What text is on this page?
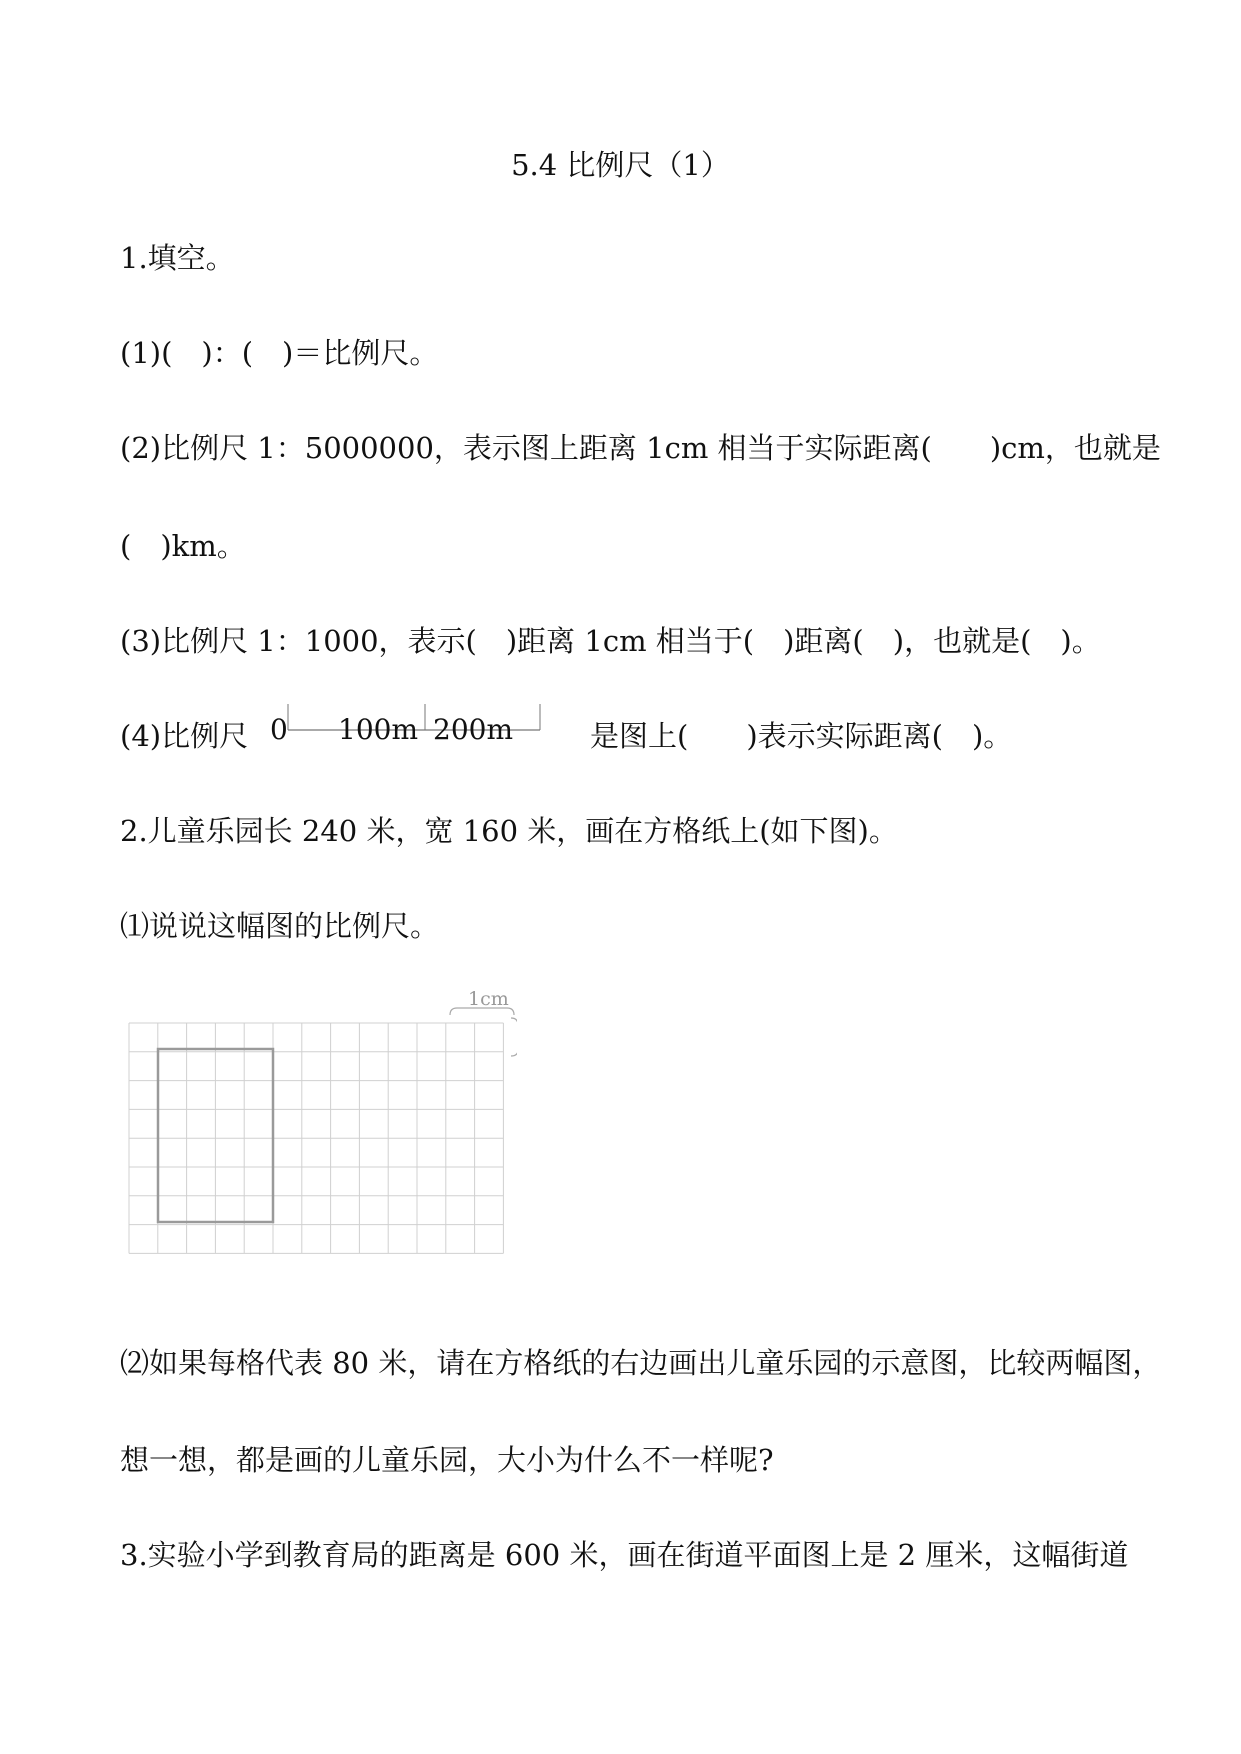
5.4 比例尺（1）
1.填空。
(1)(　)：(　)＝比例尺。
(2)比例尺 1：5000000，表示图上距离 1cm 相当于实际距离(　　)cm，也就是
(　)km。
(3)比例尺 1：1000，表示(　)距离 1cm 相当于(　)距离(　)，也就是(　)。
(4)比例尺 0 100m 200m	是图上(　　)表示实际距离(　)。
2.儿童乐园长 240 米，宽 160 米，画在方格纸上(如下图)。
⑴说说这幅图的比例尺。
1cm
⑵如果每格代表 80 米，请在方格纸的右边画出儿童乐园的示意图，比较两幅图，
想一想，都是画的儿童乐园，大小为什么不一样呢?
3.实验小学到教育局的距离是 600 米，画在街道平面图上是 2 厘米，这幅街道
